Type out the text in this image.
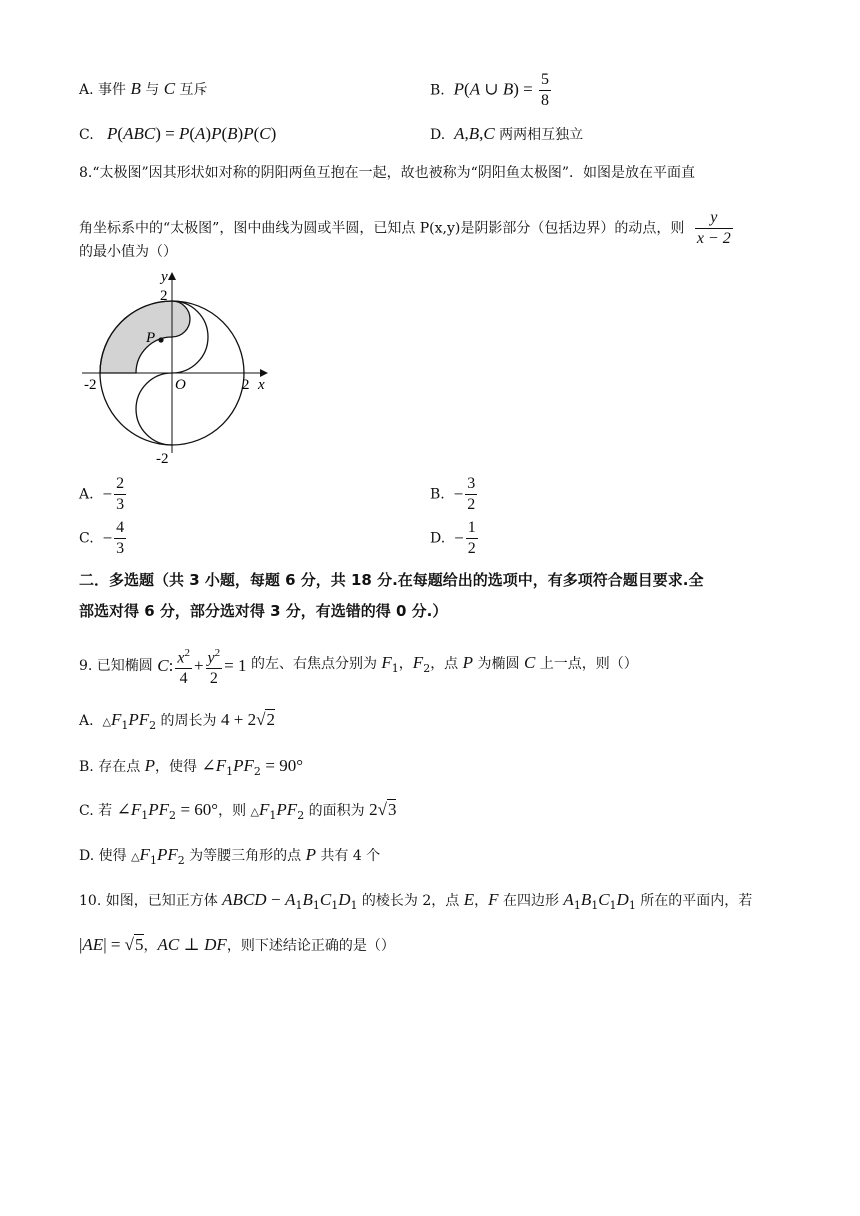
A. 事件 B 与 C 互斥	B. P(A ∪ $B) = \frac{5}{8}$
C. P(ABC) = P(A)P(B)P(C)	D. A,B,C 两两相互独立
8.“太极图”因其形状如对称的阴阳两鱼互抱在一起，故也被称为“阴阳鱼太极图”．如图是放在平面直
角坐标系中的“太极图”，图中曲线为圆或半圆，已知点 P(x,y)是阴影部分（包括边界）的动点，则 $\frac{y}{x - 2}$
的最小值为（）
P
y
x
O
2
-2
-2	2
A. − $\frac{2}{3}$	B. − $\frac{3}{2}$
C. − $\frac{4}{3}$	D. − $\frac{1}{2}$
二．多选题（共 3 小题，每题 6 分，共 18 分.在每题给出的选项中，有多项符合题目要求.全
部选对得 6 分，部分选对得 3 分，有选错的得 0 分.）
9. 已知椭圆 C: $\frac{x^2}{4} + \frac{y^2}{2} = 1$ 的左、右焦点分别为 $F_1$，$F_2$，点 P 为椭圆 C 上一点，则（）
A.  $\triangle F_1PF_2$ 的周长为 4 + 2√2
B. 存在点 P，使得 $\angle F_1PF_2 = 90^\circ$
C. 若 $\angle F_1PF_2 = 60^\circ$，则 $\triangle F_1PF_2$ 的面积为 2√3
D. 使得 $\triangle F_1PF_2$ 为等腰三角形的点 P 共有 4 个
10. 如图，已知正方体 ABCD − $A_1B_1C_1D_1$ 的棱长为 2，点 E，F 在四边形 $A_1B_1C_1D_1$ 所在的平面内，若
|AE| = √5，AC ⊥ DF，则下述结论正确的是（）
